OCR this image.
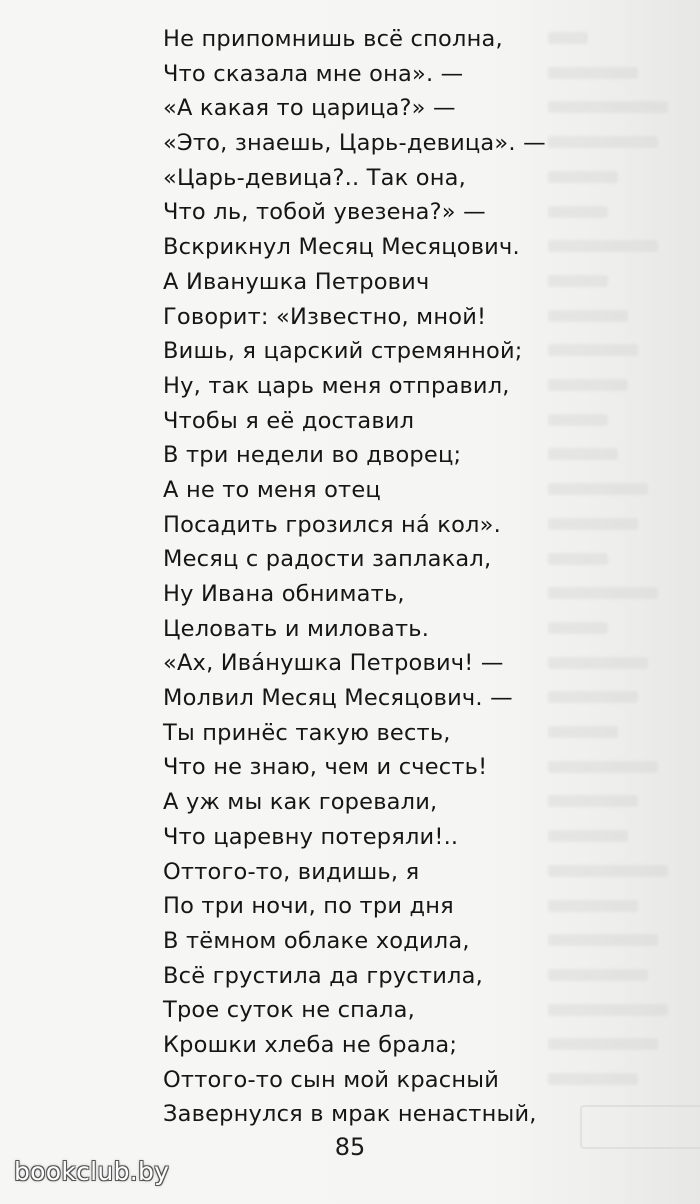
Не припомнишь всё сполна,
Что сказала мне она». —
«А какая то царица?» —
«Это, знаешь, Царь-девица». —
«Царь-девица?.. Так она,
Что ль, тобой увезена?» —
Вскрикнул Месяц Месяцович.
А Иванушка Петрович
Говорит: «Известно, мной!
Вишь, я царский стремянной;
Ну, так царь меня отправил,
Чтобы я её доставил
В три недели во дворец;
А не то меня отец
Посадить грозился на́ кол».
Месяц с радости заплакал,
Ну Ивана обнимать,
Целовать и миловать.
«Ах, Ива́нушка Петрович! —
Молвил Месяц Месяцович. —
Ты принёс такую весть,
Что не знаю, чем и счесть!
А уж мы как горевали,
Что царевну потеряли!..
Оттого-то, видишь, я
По три ночи, по три дня
В тёмном облаке ходила,
Всё грустила да грустила,
Трое суток не спала,
Крошки хлеба не брала;
Оттого-то сын мой красный
Завернулся в мрак ненастный,
85
bookclub.by
